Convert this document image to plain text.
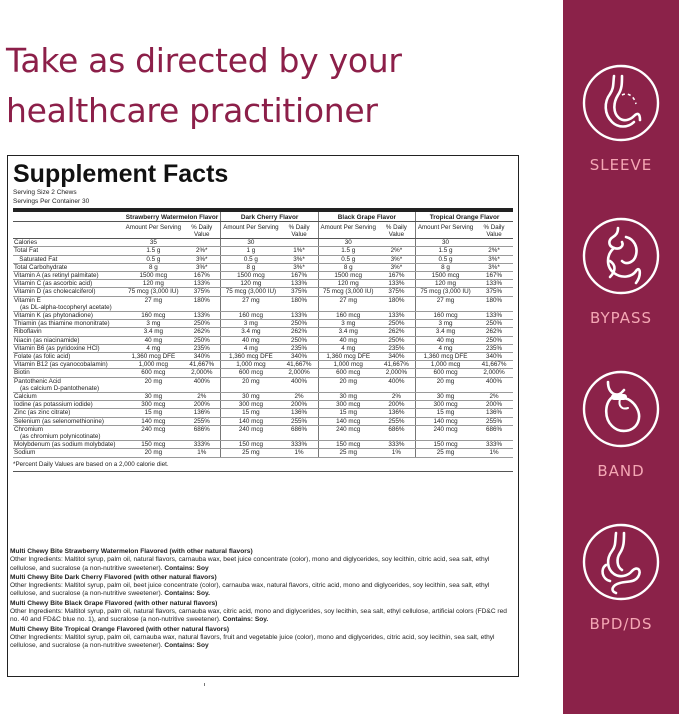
Take as directed by your
healthcare practitioner
SLEEVE
BYPASS
BAND
BPD/DS
Supplement Facts
Serving Size 2 Chews
Servings Per Container 30
	Strawberry Watermelon Flavor		Dark Cherry Flavor		Black Grape Flavor		Tropical Orange Flavor	
	Amount Per Serving	% Daily Value	Amount Per Serving	% Daily Value	Amount Per Serving	% Daily Value	Amount Per Serving	% Daily Value
Calories	35		30		30		30	
Total Fat	1.5 g	2%*	1 g	1%*	1.5 g	2%*	1.5 g	2%*
Saturated Fat	0.5 g	3%*	0.5 g	3%*	0.5 g	3%*	0.5 g	3%*
Total Carbohydrate	8 g	3%*	8 g	3%*	8 g	3%*	8 g	3%*
Vitamin A (as retinyl palmitate)	1500 mcg	167%	1500 mcg	167%	1500 mcg	167%	1500 mcg	167%
Vitamin C (as ascorbic acid)	120 mg	133%	120 mg	133%	120 mg	133%	120 mg	133%
Vitamin D (as cholecalciferol)	75 mcg (3,000 IU)	375%	75 mcg (3,000 IU)	375%	75 mcg (3,000 IU)	375%	75 mcg (3,000 IU)	375%
Vitamin E
(as DL-alpha-tocopheryl acetate)	27 mg	180%	27 mg	180%	27 mg	180%	27 mg	180%
Vitamin K (as phytonadione)	160 mcg	133%	160 mcg	133%	160 mcg	133%	160 mcg	133%
Thiamin (as thiamine mononitrate)	3 mg	250%	3 mg	250%	3 mg	250%	3 mg	250%
Riboflavin	3.4 mg	262%	3.4 mg	262%	3.4 mg	262%	3.4 mg	262%
Niacin (as niacinamide)	40 mg	250%	40 mg	250%	40 mg	250%	40 mg	250%
Vitamin B6 (as pyridoxine HCl)	4 mg	235%	4 mg	235%	4 mg	235%	4 mg	235%
Folate (as folic acid)	1,360 mcg DFE	340%	1,360 mcg DFE	340%	1,360 mcg DFE	340%	1,360 mcg DFE	340%
Vitamin B12 (as cyanocobalamin)	1,000 mcg	41,667%	1,000 mcg	41,667%	1,000 mcg	41,667%	1,000 mcg	41,667%
Biotin	600 mcg	2,000%	600 mcg	2,000%	600 mcg	2,000%	600 mcg	2,000%
Pantothenic Acid
(as calcium D-pantothenate)	20 mg	400%	20 mg	400%	20 mg	400%	20 mg	400%
Calcium	30 mg	2%	30 mg	2%	30 mg	2%	30 mg	2%
Iodine (as potassium iodide)	300 mcg	200%	300 mcg	200%	300 mcg	200%	300 mcg	200%
Zinc (as zinc citrate)	15 mg	136%	15 mg	136%	15 mg	136%	15 mg	136%
Selenium (as selenomethionine)	140 mcg	255%	140 mcg	255%	140 mcg	255%	140 mcg	255%
Chromium
(as chromium polynicotinate)	240 mcg	686%	240 mcg	686%	240 mcg	686%	240 mcg	686%
Molybdenum (as sodium molybdate)	150 mcg	333%	150 mcg	333%	150 mcg	333%	150 mcg	333%
Sodium	20 mg	1%	25 mg	1%	25 mg	1%	25 mg	1%
*Percent Daily Values are based on a 2,000 calorie diet.
Multi Chewy Bite Strawberry Watermelon Flavored (with other natural flavors)
Other Ingredients: Maltitol syrup, palm oil, natural flavors, carnauba wax, beet juice concentrate (color), mono and diglycerides, soy lecithin, citric acid, sea salt, ethyl cellulose, and sucralose (a non-nutritive sweetener). Contains: Soy
Multi Chewy Bite Dark Cherry Flavored (with other natural flavors)
Other Ingredients: Maltitol syrup, palm oil, beet juice concentrate (color), carnauba wax, natural flavors, citric acid, mono and diglycerides, soy lecithin, sea salt, ethyl cellulose, and sucralose (a non-nutritive sweetener). Contains: Soy.
Multi Chewy Bite Black Grape Flavored (with other natural flavors)
Other Ingredients: Maltitol syrup, palm oil, natural flavors, carnauba wax, citric acid, mono and diglycerides, soy lecithin, sea salt, ethyl cellulose, artificial colors (FD&C red no. 40 and FD&C blue no. 1), and sucralose (a non-nutritive sweetener). Contains: Soy.
Multi Chewy Bite Tropical Orange Flavored (with other natural flavors)
Other Ingredients: Maltitol syrup, palm oil, carnauba wax, natural flavors, fruit and vegetable juice (color), mono and diglycerides, citric acid, soy lecithin, sea salt, ethyl cellulose, and sucralose (a non-nutritive sweetener). Contains: Soy
